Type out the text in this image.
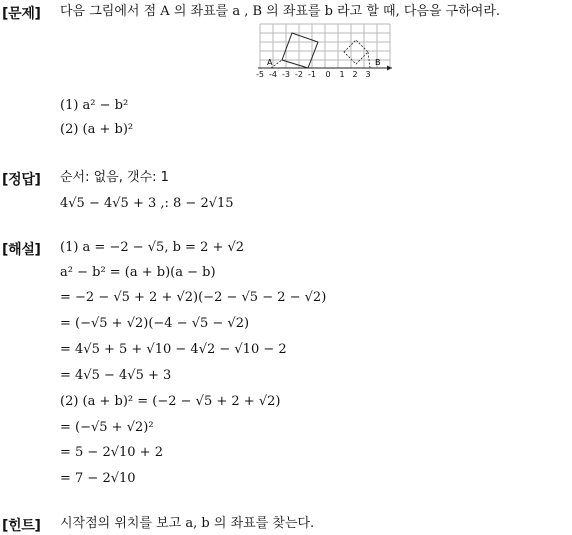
[문제] 다음 그림에서 점 A 의 좌표를 a , B 의 좌표를 b 라고 할 때, 다음을 구하여라.
A	B
-5 -4 -3 -2 -1 0 1 2 3
(1) a² − b²
(2) (a + b)²
[정답] 순서: 없음, 갯수: 1
4√5 − 4√5 + 3 ,: 8 − 2√15
[해설] (1) a = −2 − √5, b = 2 + √2
a² − b² = (a + b)(a − b)
= −2 − √5 + 2 + √2)(−2 − √5 − 2 − √2)
= (−√5 + √2)(−4 − √5 − √2)
= 4√5 + 5 + √10 − 4√2 − √10 − 2
= 4√5 − 4√5 + 3
(2) (a + b)² = (−2 − √5 + 2 + √2)
= (−√5 + √2)²
= 5 − 2√10 + 2
= 7 − 2√10
[힌트] 시작점의 위치를 보고 a, b 의 좌표를 찾는다.
